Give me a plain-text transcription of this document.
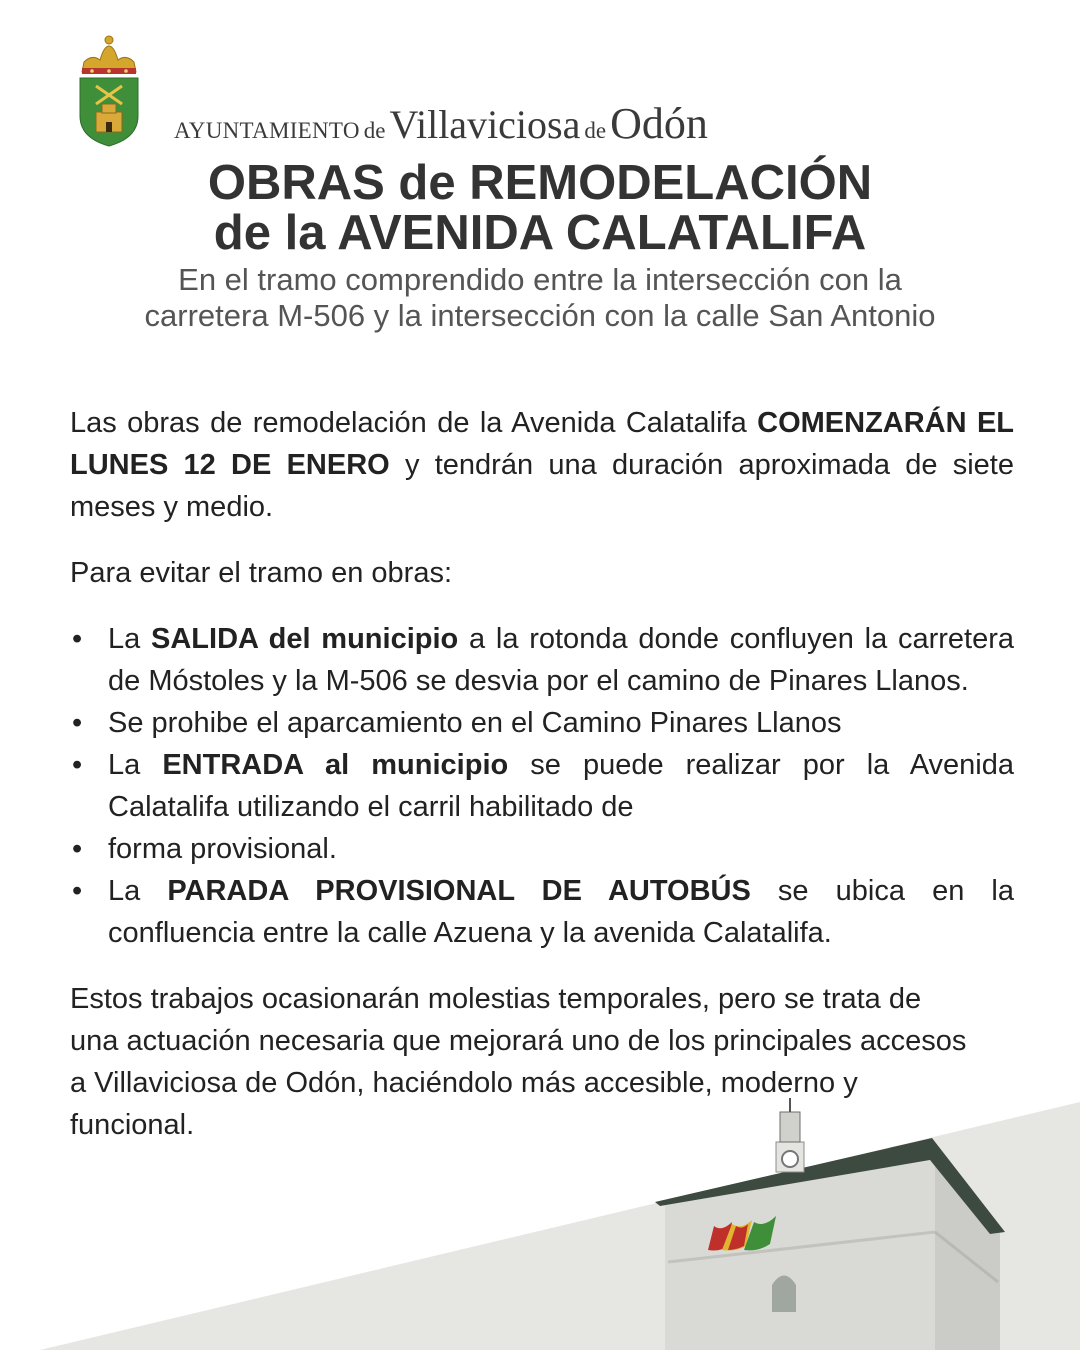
AYUNTAMIENTO de Villaviciosa de Odón
OBRAS de REMODELACIÓN
de la AVENIDA CALATALIFA

En el tramo comprendido entre la intersección con la
carretera M-506 y la intersección con la calle San Antonio

Las obras de remodelación de la Avenida Calatalifa COMENZARÁN EL LUNES 12 DE ENERO y tendrán una duración aproximada de siete meses y medio.

Para evitar el tramo en obras:

• La SALIDA del municipio a la rotonda donde confluyen la carretera de Móstoles y la M-506 se desvia por el camino de Pinares Llanos.
• Se prohibe el aparcamiento en el Camino Pinares Llanos
• La ENTRADA al municipio se puede realizar por la Avenida Calatalifa utilizando el carril habilitado de
• forma provisional.
• La PARADA PROVISIONAL DE AUTOBÚS se ubica en la confluencia entre la calle Azuena y la avenida Calatalifa.

Estos trabajos ocasionarán molestias temporales, pero se trata de una actuación necesaria que mejorará uno de los principales accesos a Villaviciosa de Odón, haciéndolo más accesible, moderno y funcional.
